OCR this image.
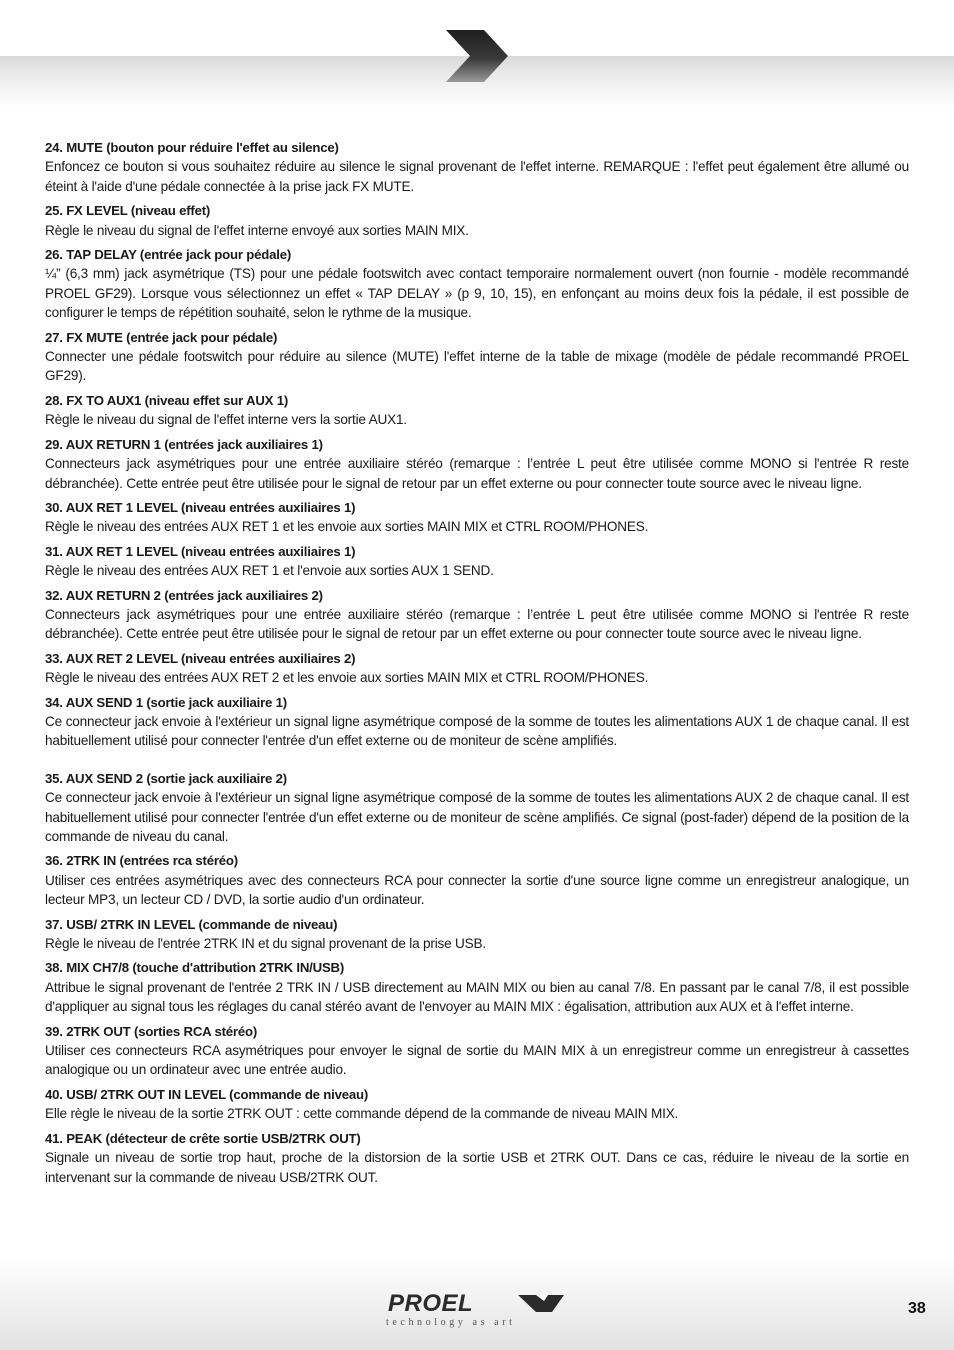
24. MUTE (bouton pour réduire l'effet au silence)
Enfoncez ce bouton si vous souhaitez réduire au silence le signal provenant de l'effet interne. REMARQUE : l'effet peut également être allumé ou éteint à l'aide d'une pédale connectée à la prise jack FX MUTE.
25. FX LEVEL (niveau effet)
Règle le niveau du signal de l'effet interne envoyé aux sorties MAIN MIX.
26. TAP DELAY (entrée jack pour pédale)
¼” (6,3 mm) jack asymétrique (TS) pour une pédale footswitch avec contact temporaire normalement ouvert (non fournie - modèle recommandé PROEL GF29). Lorsque vous sélectionnez un effet « TAP DELAY » (p 9, 10, 15), en enfonçant au moins deux fois la pédale, il est possible de configurer le temps de répétition souhaité, selon le rythme de la musique.
27. FX MUTE (entrée jack pour pédale)
Connecter une pédale footswitch pour réduire au silence (MUTE) l'effet interne de la table de mixage (modèle de pédale recommandé PROEL GF29).
28. FX TO AUX1 (niveau effet sur AUX 1)
Règle le niveau du signal de l'effet interne vers la sortie AUX1.
29. AUX RETURN 1 (entrées jack auxiliaires 1)
Connecteurs jack asymétriques pour une entrée auxiliaire stéréo (remarque : l’entrée L peut être utilisée comme MONO si l'entrée R reste débranchée). Cette entrée peut être utilisée pour le signal de retour par un effet externe ou pour connecter toute source avec le niveau ligne.
30. AUX RET 1 LEVEL (niveau entrées auxiliaires 1)
Règle le niveau des entrées AUX RET 1 et les envoie aux sorties MAIN MIX et CTRL ROOM/PHONES.
31. AUX RET 1 LEVEL (niveau entrées auxiliaires 1)
Règle le niveau des entrées AUX RET 1 et l'envoie aux sorties AUX 1 SEND.
32. AUX RETURN 2 (entrées jack auxiliaires 2)
Connecteurs jack asymétriques pour une entrée auxiliaire stéréo (remarque : l’entrée L peut être utilisée comme MONO si l'entrée R reste débranchée). Cette entrée peut être utilisée pour le signal de retour par un effet externe ou pour connecter toute source avec le niveau ligne.
33. AUX RET 2 LEVEL (niveau entrées auxiliaires 2)
Règle le niveau des entrées AUX RET 2 et les envoie aux sorties MAIN MIX et CTRL ROOM/PHONES.
34. AUX SEND 1 (sortie jack auxiliaire 1)
Ce connecteur jack envoie à l'extérieur un signal ligne asymétrique composé de la somme de toutes les alimentations AUX 1 de chaque canal. Il est habituellement utilisé pour connecter l'entrée d'un effet externe ou de moniteur de scène amplifiés.
35. AUX SEND 2 (sortie jack auxiliaire 2)
Ce connecteur jack envoie à l'extérieur un signal ligne asymétrique composé de la somme de toutes les alimentations AUX 2 de chaque canal. Il est habituellement utilisé pour connecter l'entrée d'un effet externe ou de moniteur de scène amplifiés. Ce signal (post-fader) dépend de la position de la commande de niveau du canal.
36. 2TRK IN (entrées rca stéréo)
Utiliser ces entrées asymétriques avec des connecteurs RCA pour connecter la sortie d'une source ligne comme un enregistreur analogique, un lecteur MP3, un lecteur CD / DVD, la sortie audio d'un ordinateur.
37. USB/ 2TRK IN LEVEL (commande de niveau)
Règle le niveau de l'entrée 2TRK IN et du signal provenant de la prise USB.
38. MIX CH7/8 (touche d'attribution 2TRK IN/USB)
Attribue le signal provenant de l'entrée 2 TRK IN / USB directement au MAIN MIX ou bien au canal 7/8. En passant par le canal 7/8, il est possible d'appliquer au signal tous les réglages du canal stéréo avant de l'envoyer au MAIN MIX : égalisation, attribution aux AUX et à l'effet interne.
39. 2TRK OUT (sorties RCA stéréo)
Utiliser ces connecteurs RCA asymétriques pour envoyer le signal de sortie du MAIN MIX à un enregistreur comme un enregistreur à cassettes analogique ou un ordinateur avec une entrée audio.
40. USB/ 2TRK OUT IN LEVEL (commande de niveau)
Elle règle le niveau de la sortie 2TRK OUT : cette commande dépend de la commande de niveau MAIN MIX.
41. PEAK (détecteur de crête sortie USB/2TRK OUT)
Signale un niveau de sortie trop haut, proche de la distorsion de la sortie USB et 2TRK OUT. Dans ce cas, réduire le niveau de la sortie en intervenant sur la commande de niveau USB/2TRK OUT.
PROEL
technology as art
38
